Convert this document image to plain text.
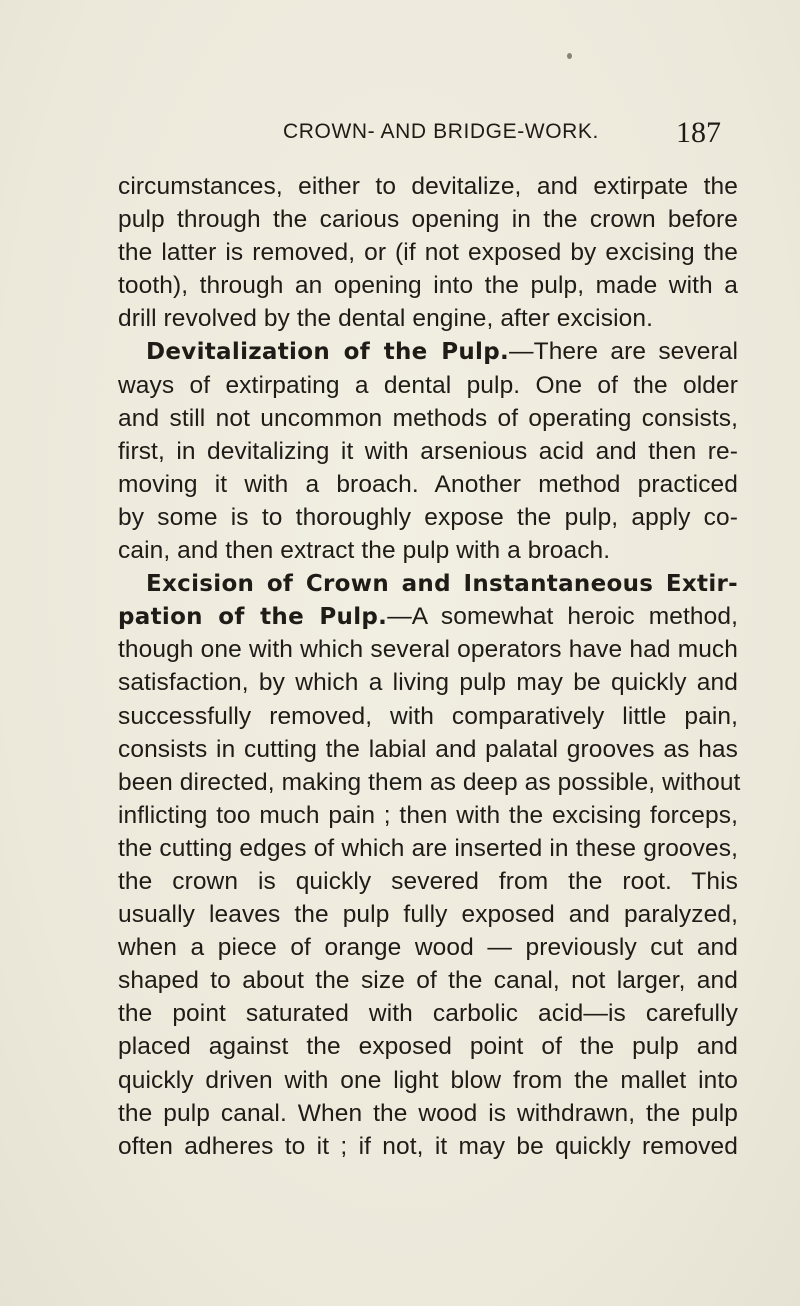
CROWN- AND BRIDGE-WORK.	187
circumstances, either to devitalize, and extirpate the
pulp through the carious opening in the crown before
the latter is removed, or (if not exposed by excising the
tooth), through an opening into the pulp, made with a
drill revolved by the dental engine, after excision.
Devitalization of the Pulp.—There are several
ways of extirpating a dental pulp. One of the older
and still not uncommon methods of operating consists,
first, in devitalizing it with arsenious acid and then re-
moving it with a broach. Another method practiced
by some is to thoroughly expose the pulp, apply co-
cain, and then extract the pulp with a broach.
Excision of Crown and Instantaneous Extir-
pation of the Pulp.—A somewhat heroic method,
though one with which several operators have had much
satisfaction, by which a living pulp may be quickly and
successfully removed, with comparatively little pain,
consists in cutting the labial and palatal grooves as has
been directed, making them as deep as possible, without
inflicting too much pain ; then with the excising forceps,
the cutting edges of which are inserted in these grooves,
the crown is quickly severed from the root. This
usually leaves the pulp fully exposed and paralyzed,
when a piece of orange wood — previously cut and
shaped to about the size of the canal, not larger, and
the point saturated with carbolic acid—is carefully
placed against the exposed point of the pulp and
quickly driven with one light blow from the mallet into
the pulp canal. When the wood is withdrawn, the pulp
often adheres to it ; if not, it may be quickly removed
